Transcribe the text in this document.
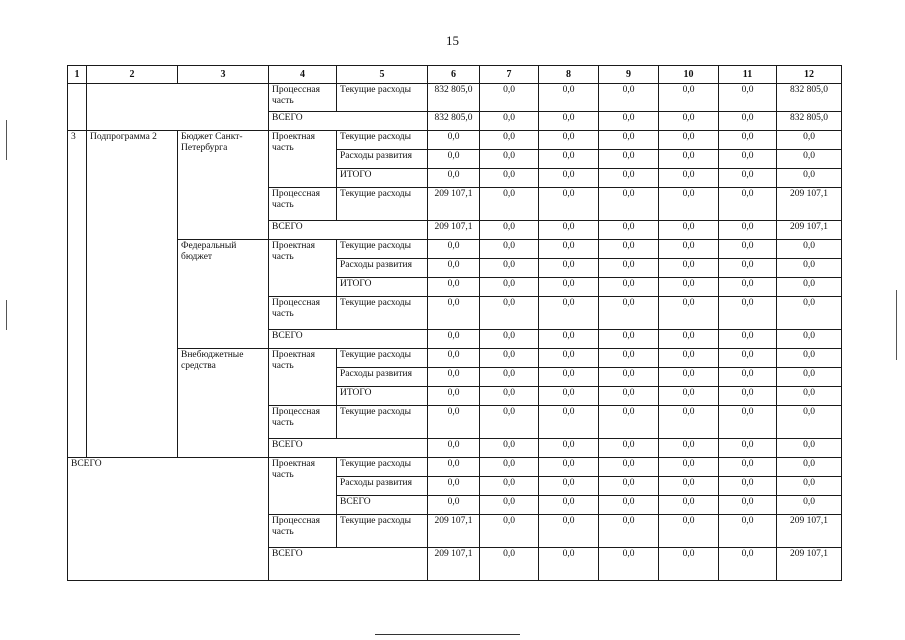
15
1	2	3	4	5	6	7	8	9	10	11	12
			Процессная часть	Текущие расходы	832 805,0	0,0	0,0	0,0	0,0	0,0	832 805,0
			ВСЕГО		832 805,0	0,0	0,0	0,0	0,0	0,0	832 805,0
3	Подпрограмма 2	Бюджет Санкт-Петербурга	Проектная часть	Текущие расходы	0,0	0,0	0,0	0,0	0,0	0,0	0,0
				Расходы развития	0,0	0,0	0,0	0,0	0,0	0,0	0,0
				ИТОГО	0,0	0,0	0,0	0,0	0,0	0,0	0,0
			Процессная часть	Текущие расходы	209 107,1	0,0	0,0	0,0	0,0	0,0	209 107,1
			ВСЕГО		209 107,1	0,0	0,0	0,0	0,0	0,0	209 107,1
		Федеральный бюджет	Проектная часть	Текущие расходы	0,0	0,0	0,0	0,0	0,0	0,0	0,0
				Расходы развития	0,0	0,0	0,0	0,0	0,0	0,0	0,0
				ИТОГО	0,0	0,0	0,0	0,0	0,0	0,0	0,0
			Процессная часть	Текущие расходы	0,0	0,0	0,0	0,0	0,0	0,0	0,0
			ВСЕГО		0,0	0,0	0,0	0,0	0,0	0,0	0,0
		Внебюджетные средства	Проектная часть	Текущие расходы	0,0	0,0	0,0	0,0	0,0	0,0	0,0
				Расходы развития	0,0	0,0	0,0	0,0	0,0	0,0	0,0
				ИТОГО	0,0	0,0	0,0	0,0	0,0	0,0	0,0
			Процессная часть	Текущие расходы	0,0	0,0	0,0	0,0	0,0	0,0	0,0
			ВСЕГО		0,0	0,0	0,0	0,0	0,0	0,0	0,0
ВСЕГО			Проектная часть	Текущие расходы	0,0	0,0	0,0	0,0	0,0	0,0	0,0
				Расходы развития	0,0	0,0	0,0	0,0	0,0	0,0	0,0
				ВСЕГО	0,0	0,0	0,0	0,0	0,0	0,0	0,0
			Процессная часть	Текущие расходы	209 107,1	0,0	0,0	0,0	0,0	0,0	209 107,1
			ВСЕГО		209 107,1	0,0	0,0	0,0	0,0	0,0	209 107,1
